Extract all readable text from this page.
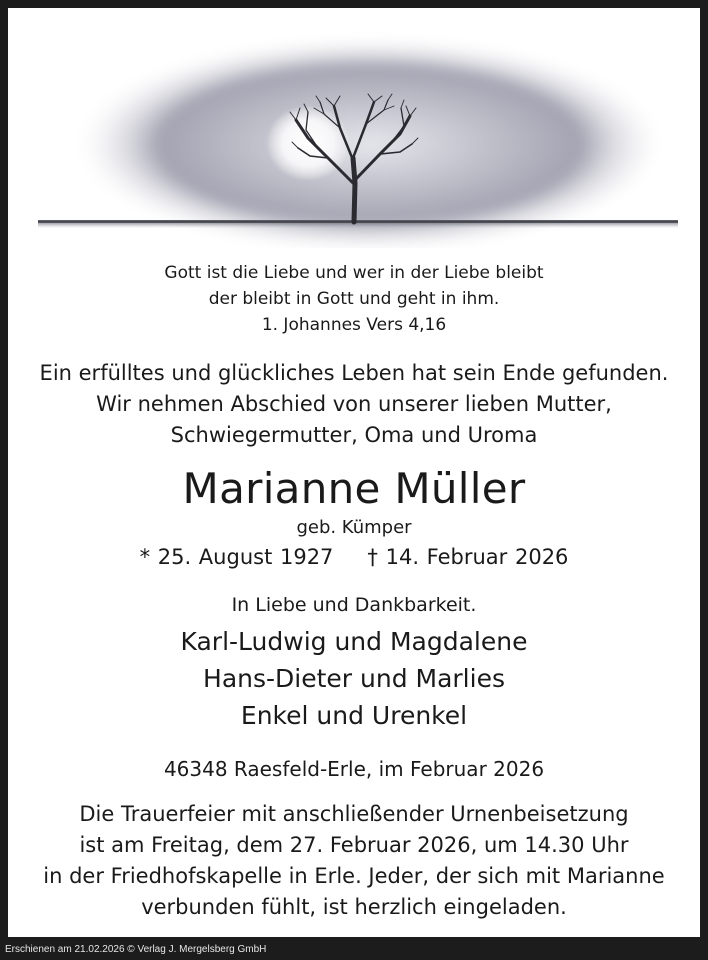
Gott ist die Liebe und wer in der Liebe bleibt
der bleibt in Gott und geht in ihm.
1. Johannes Vers 4,16
Ein erfülltes und glückliches Leben hat sein Ende gefunden.
Wir nehmen Abschied von unserer lieben Mutter,
Schwiegermutter, Oma und Uroma
Marianne Müller
geb. Kümper
* 25. August 1927 † 14. Februar 2026
In Liebe und Dankbarkeit.
Karl-Ludwig und Magdalene
Hans-Dieter und Marlies
Enkel und Urenkel
46348 Raesfeld-Erle, im Februar 2026
Die Trauerfeier mit anschließender Urnenbeisetzung
ist am Freitag, dem 27. Februar 2026, um 14.30 Uhr
in der Friedhofskapelle in Erle. Jeder, der sich mit Marianne
verbunden fühlt, ist herzlich eingeladen.
Erschienen am 21.02.2026 © Verlag J. Mergelsberg GmbH
